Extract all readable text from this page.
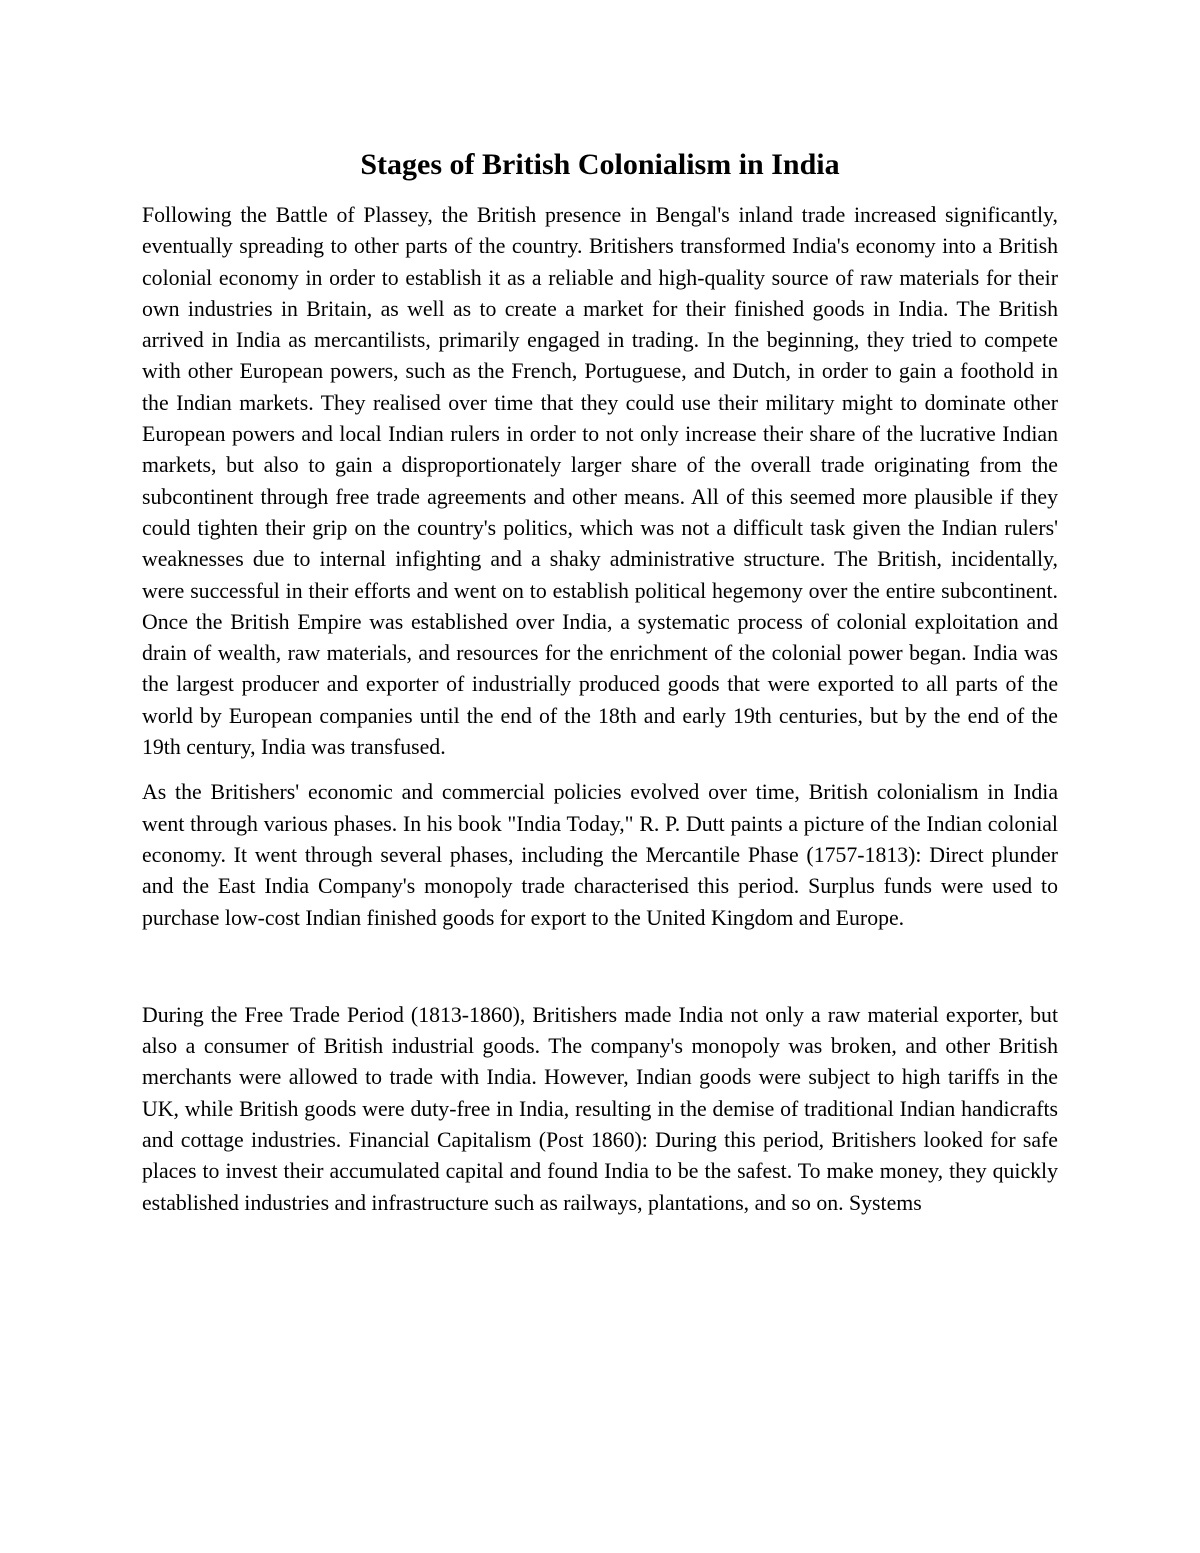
Stages of British Colonialism in India

Following the Battle of Plassey, the British presence in Bengal's inland trade increased significantly, eventually spreading to other parts of the country. Britishers transformed India's economy into a British colonial economy in order to establish it as a reliable and high-quality source of raw materials for their own industries in Britain, as well as to create a market for their finished goods in India. The British arrived in India as mercantilists, primarily engaged in trading. In the beginning, they tried to compete with other European powers, such as the French, Portuguese, and Dutch, in order to gain a foothold in the Indian markets. They realised over time that they could use their military might to dominate other European powers and local Indian rulers in order to not only increase their share of the lucrative Indian markets, but also to gain a disproportionately larger share of the overall trade originating from the subcontinent through free trade agreements and other means. All of this seemed more plausible if they could tighten their grip on the country's politics, which was not a difficult task given the Indian rulers' weaknesses due to internal infighting and a shaky administrative structure. The British, incidentally, were successful in their efforts and went on to establish political hegemony over the entire subcontinent. Once the British Empire was established over India, a systematic process of colonial exploitation and drain of wealth, raw materials, and resources for the enrichment of the colonial power began. India was the largest producer and exporter of industrially produced goods that were exported to all parts of the world by European companies until the end of the 18th and early 19th centuries, but by the end of the 19th century, India was transfused.

As the Britishers' economic and commercial policies evolved over time, British colonialism in India went through various phases. In his book "India Today," R. P. Dutt paints a picture of the Indian colonial economy. It went through several phases, including the Mercantile Phase (1757-1813): Direct plunder and the East India Company's monopoly trade characterised this period. Surplus funds were used to purchase low-cost Indian finished goods for export to the United Kingdom and Europe.

During the Free Trade Period (1813-1860), Britishers made India not only a raw material exporter, but also a consumer of British industrial goods. The company's monopoly was broken, and other British merchants were allowed to trade with India. However, Indian goods were subject to high tariffs in the UK, while British goods were duty-free in India, resulting in the demise of traditional Indian handicrafts and cottage industries. Financial Capitalism (Post 1860): During this period, Britishers looked for safe places to invest their accumulated capital and found India to be the safest. To make money, they quickly established industries and infrastructure such as railways, plantations, and so on. Systems
